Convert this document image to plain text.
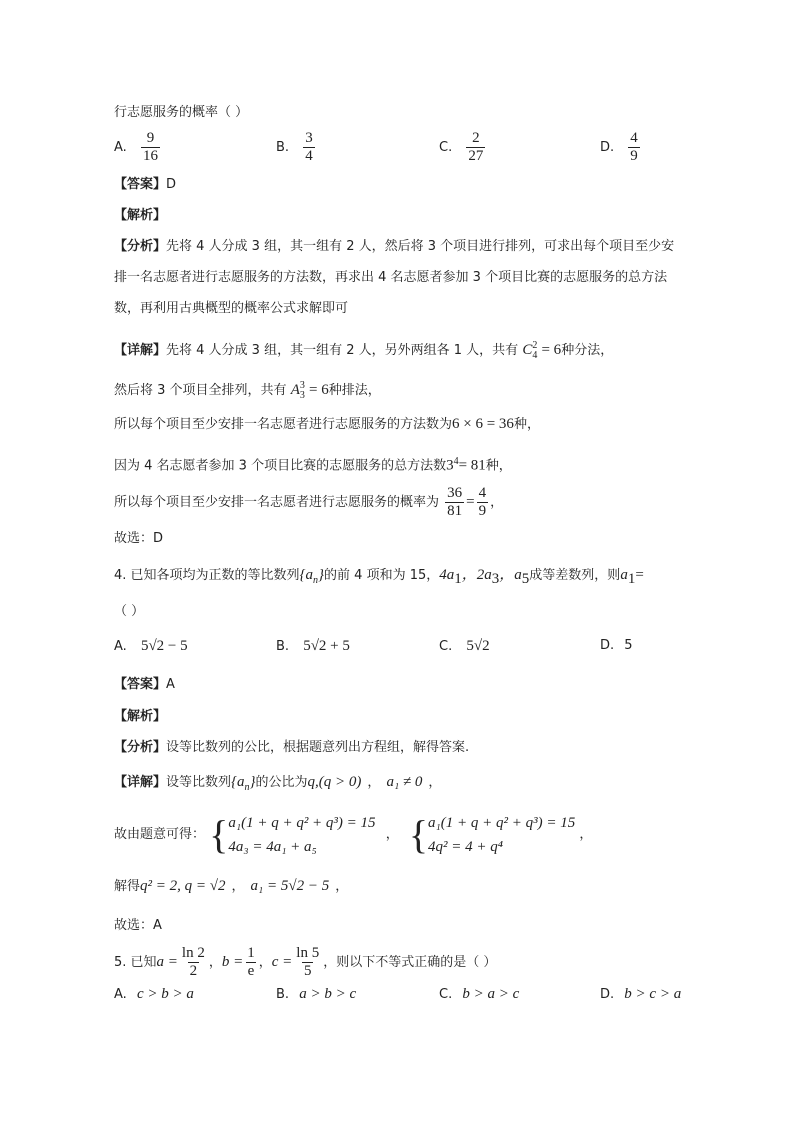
行志愿服务的概率（ ）
A. $\frac{9}{16}$	B. $\frac{3}{4}$	C. $\frac{2}{27}$	D. $\frac{4}{9}$
【答案】D
【解析】
【分析】先将 4 人分成 3 组，其一组有 2 人，然后将 3 个项目进行排列，可求出每个项目至少安
排一名志愿者进行志愿服务的方法数，再求出 4 名志愿者参加 3 个项目比赛的志愿服务的总方法
数，再利用古典概型的概率公式求解即可
【详解】先将 4 人分成 3 组，其一组有 2 人，另外两组各 1 人，共有 $C_4^2 = 6$种分法，
然后将 3 个项目全排列，共有 $A_3^3 = 6$种排法，
所以每个项目至少安排一名志愿者进行志愿服务的方法数为6 × 6 = 36种，
因为 4 名志愿者参加 3 个项目比赛的志愿服务的总方法数$3^4= 81$种，
所以每个项目至少安排一名志愿者进行志愿服务的概率为 $\frac{36}{81} = \frac{4}{9}$ ，
故选：D
4. 已知各项均为正数的等比数列$\{a_n\}$的前 4 项和为 15，$4a_1$，$2a_3$，$a_5$成等差数列，则$a_1=$
（ ）
A. 5√2 − 5	B. 5√2 + 5	C. 5√2	D. 5
【答案】A
【解析】
【分析】设等比数列的公比，根据题意列出方程组，解得答案.
【详解】设等比数列$\{a_n\}$的公比为q,(q > 0) ， a₁ ≠ 0 ，
故由题意可得： { a₁(1 + q + q² + q³) = 15
4a₃ = 4a₁ + a₅
， { a₁(1 + q + q² + q³) = 15
4q² = 4 + q⁴
，
解得q² = 2, q = √2 ， a₁ = 5√2 − 5 ，
故选：A
5. 已知$a = \frac{\ln 2}{2}$ ，$b = \frac{1}{e}$ ，$c = \frac{\ln 5}{5}$ ，则以下不等式正确的是（ ）
A. c > b > a	B. a > b > c	C. b > a > c	D. b > c > a
